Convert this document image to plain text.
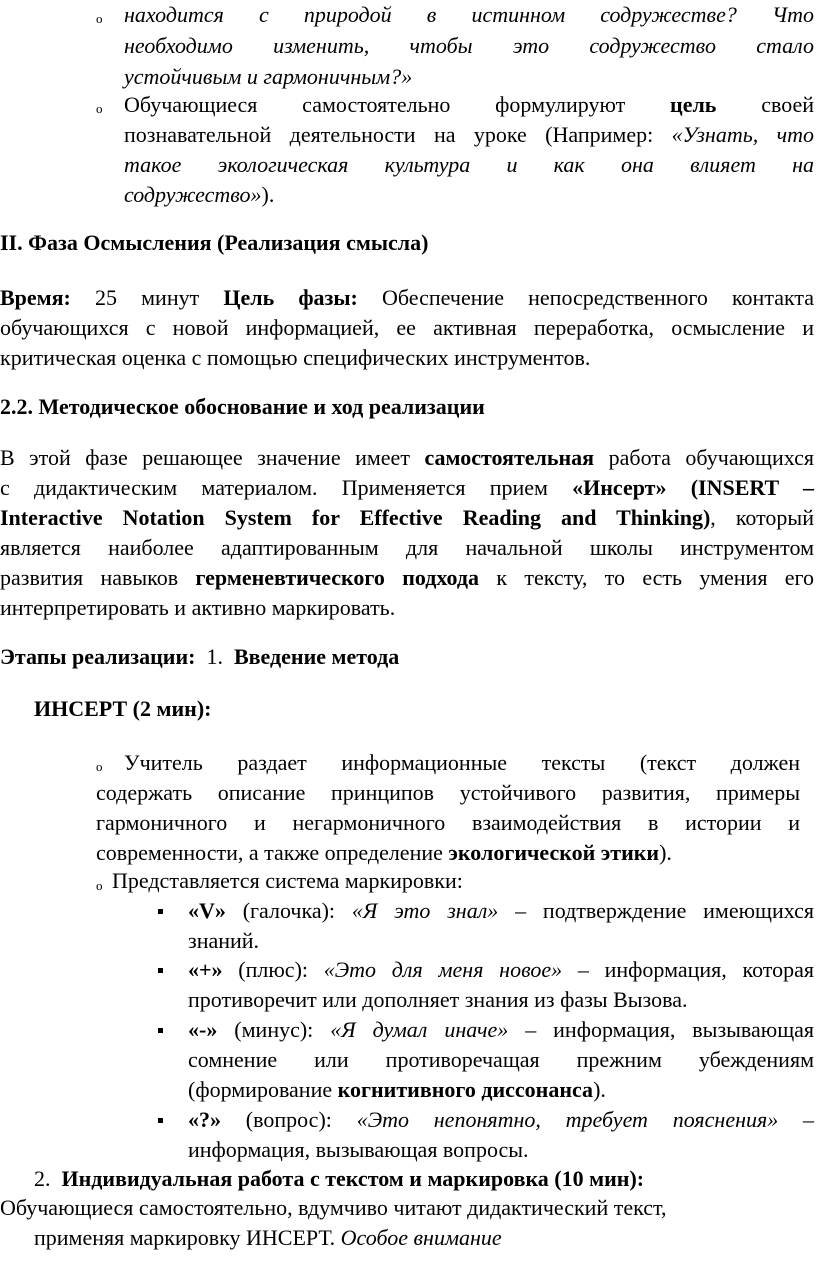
o находится с природой в истинном содружестве? Что
необходимо изменить, чтобы это содружество стало
устойчивым и гармоничным?»
o Обучающиеся самостоятельно формулируют цель своей
познавательной деятельности на уроке (Например: «Узнать, что
такое экологическая культура и как она влияет на
содружество»).
II. Фаза Осмысления (Реализация смысла)
Время: 25 минут Цель фазы: Обеспечение непосредственного контакта
обучающихся с новой информацией, ее активная переработка, осмысление и
критическая оценка с помощью специфических инструментов.
2.2. Методическое обоснование и ход реализации
В этой фазе решающее значение имеет самостоятельная работа обучающихся
с дидактическим материалом. Применяется прием «Инсерт» (INSERT –
Interactive Notation System for Effective Reading and Thinking), который
является наиболее адаптированным для начальной школы инструментом
развития навыков герменевтического подхода к тексту, то есть умения его
интерпретировать и активно маркировать.
Этапы реализации: 1. Введение метода
ИНСЕРТ (2 мин):
o Учитель раздает информационные тексты (текст должен
содержать описание принципов устойчивого развития, примеры
гармоничного и негармоничного взаимодействия в истории и
современности, а также определение экологической этики).
o Представляется система маркировки:
«V» (галочка): «Я это знал» – подтверждение имеющихся
знаний.
«+» (плюс): «Это для меня новое» – информация, которая
противоречит или дополняет знания из фазы Вызова.
«-» (минус): «Я думал иначе» – информация, вызывающая
сомнение или противоречащая прежним убеждениям
(формирование когнитивного диссонанса).
«?» (вопрос): «Это непонятно, требует пояснения» –
информация, вызывающая вопросы.
2. Индивидуальная работа с текстом и маркировка (10 мин):
Обучающиеся самостоятельно, вдумчиво читают дидактический текст,
применяя маркировку ИНСЕРТ. Особое внимание
